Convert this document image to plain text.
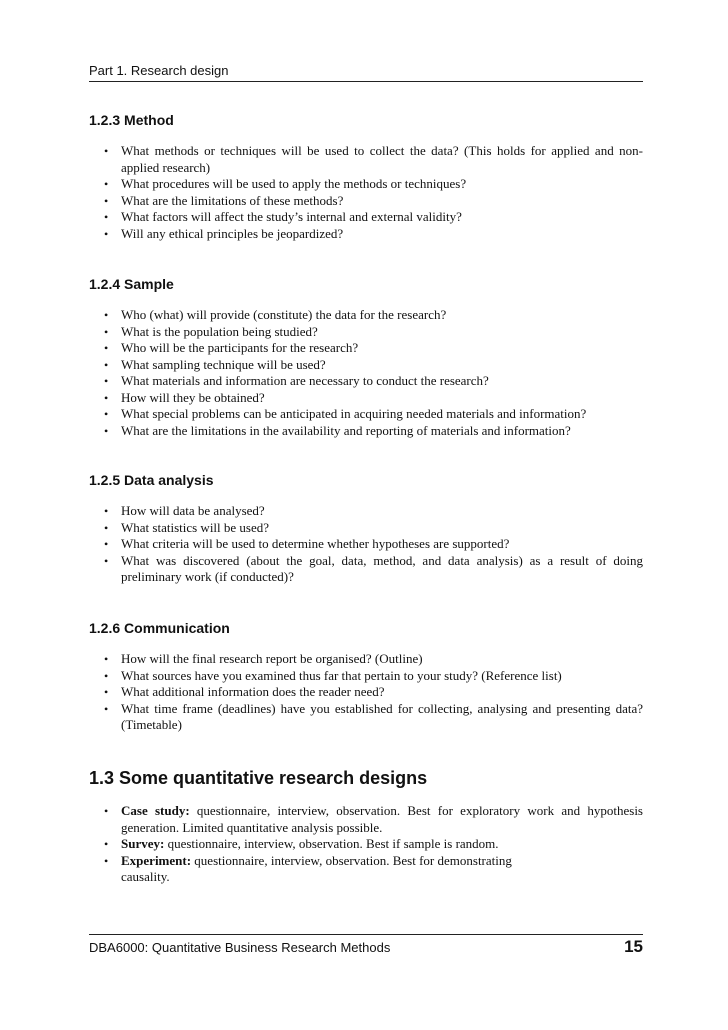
Part 1. Research design
1.2.3 Method
• What methods or techniques will be used to collect the data? (This holds for applied and non-applied research)
• What procedures will be used to apply the methods or techniques?
• What are the limitations of these methods?
• What factors will affect the study’s internal and external validity?
• Will any ethical principles be jeopardized?
1.2.4 Sample
• Who (what) will provide (constitute) the data for the research?
• What is the population being studied?
• Who will be the participants for the research?
• What sampling technique will be used?
• What materials and information are necessary to conduct the research?
• How will they be obtained?
• What special problems can be anticipated in acquiring needed materials and information?
• What are the limitations in the availability and reporting of materials and information?
1.2.5 Data analysis
• How will data be analysed?
• What statistics will be used?
• What criteria will be used to determine whether hypotheses are supported?
• What was discovered (about the goal, data, method, and data analysis) as a result of doing preliminary work (if conducted)?
1.2.6 Communication
• How will the final research report be organised? (Outline)
• What sources have you examined thus far that pertain to your study? (Reference list)
• What additional information does the reader need?
• What time frame (deadlines) have you established for collecting, analysing and presenting data? (Timetable)
1.3 Some quantitative research designs
• Case study: questionnaire, interview, observation. Best for exploratory work and hypothesis generation. Limited quantitative analysis possible.
• Survey: questionnaire, interview, observation. Best if sample is random.
• Experiment: questionnaire, interview, observation. Best for demonstrating causality.
DBA6000: Quantitative Business Research Methods	15
